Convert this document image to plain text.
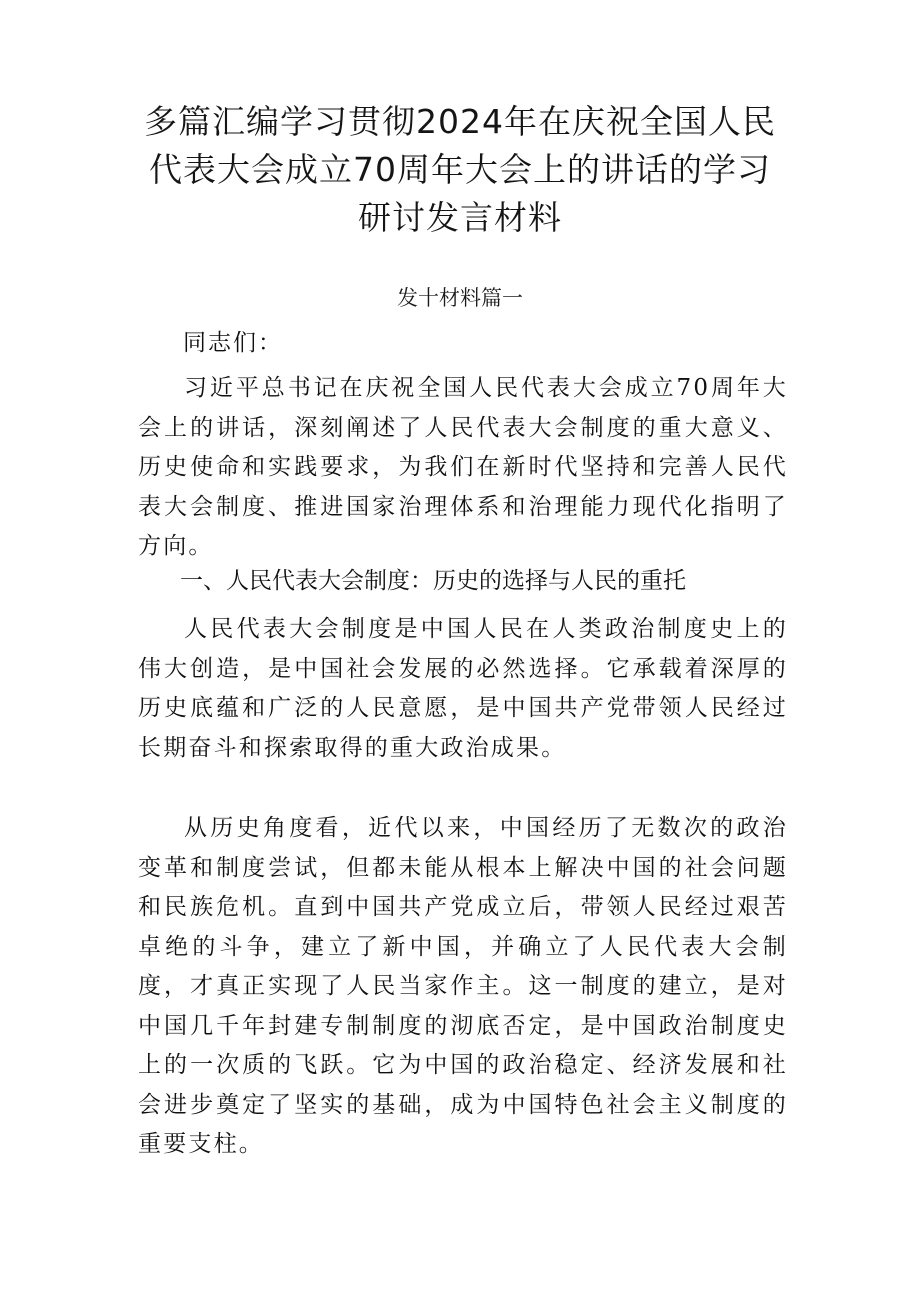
多篇汇编学习贯彻2024年在庆祝全国人民
代表大会成立70周年大会上的讲话的学习
研讨发言材料
发十材料篇一
同志们：

习近平总书记在庆祝全国人民代表大会成立70周年大会上的讲话，深刻阐述了人民代表大会制度的重大意义、历史使命和实践要求，为我们在新时代坚持和完善人民代表大会制度、推进国家治理体系和治理能力现代化指明了方向。

一、人民代表大会制度：历史的选择与人民的重托

人民代表大会制度是中国人民在人类政治制度史上的伟大创造，是中国社会发展的必然选择。它承载着深厚的历史底蕴和广泛的人民意愿，是中国共产党带领人民经过长期奋斗和探索取得的重大政治成果。

从历史角度看，近代以来，中国经历了无数次的政治变革和制度尝试，但都未能从根本上解决中国的社会问题和民族危机。直到中国共产党成立后，带领人民经过艰苦卓绝的斗争，建立了新中国，并确立了人民代表大会制度，才真正实现了人民当家作主。这一制度的建立，是对中国几千年封建专制制度的沏底否定，是中国政治制度史上的一次质的飞跃。它为中国的政治稳定、经济发展和社会进步奠定了坚实的基础，成为中国特色社会主义制度的重要支柱。
